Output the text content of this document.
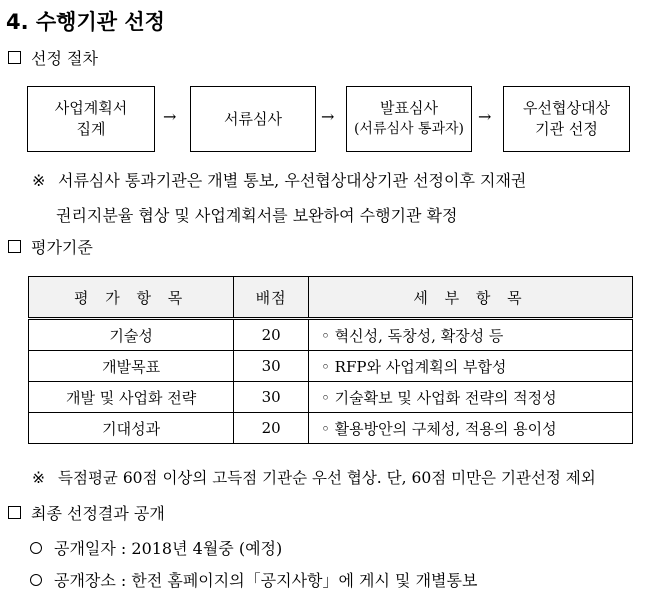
4. 수행기관 선정
선정 절차
사업계획서
집계
→	서류심사 →	발표심사
(서류심사 통과자)
→ 우선협상대상
기관 선정
※ 서류심사 통과기관은 개별 통보, 우선협상대상기관 선정이후 지재권
권리지분율 협상 및 사업계획서를 보완하여 수행기관 확정
평가기준
평 가 항 목	배점	세 부 항 목
기술성	20	◦ 혁신성, 독창성, 확장성 등
개발목표	30	◦ RFP와 사업계획의 부합성
개발 및 사업화 전략	30	◦ 기술확보 및 사업화 전략의 적정성
기대성과	20	◦ 활용방안의 구체성, 적용의 용이성
※ 득점평균 60점 이상의 고득점 기관순 우선 협상. 단, 60점 미만은 기관선정 제외
최종 선정결과 공개
공개일자 : 2018년 4월중 (예정)
공개장소 : 한전 홈페이지의「공지사항」에 게시 및 개별통보
